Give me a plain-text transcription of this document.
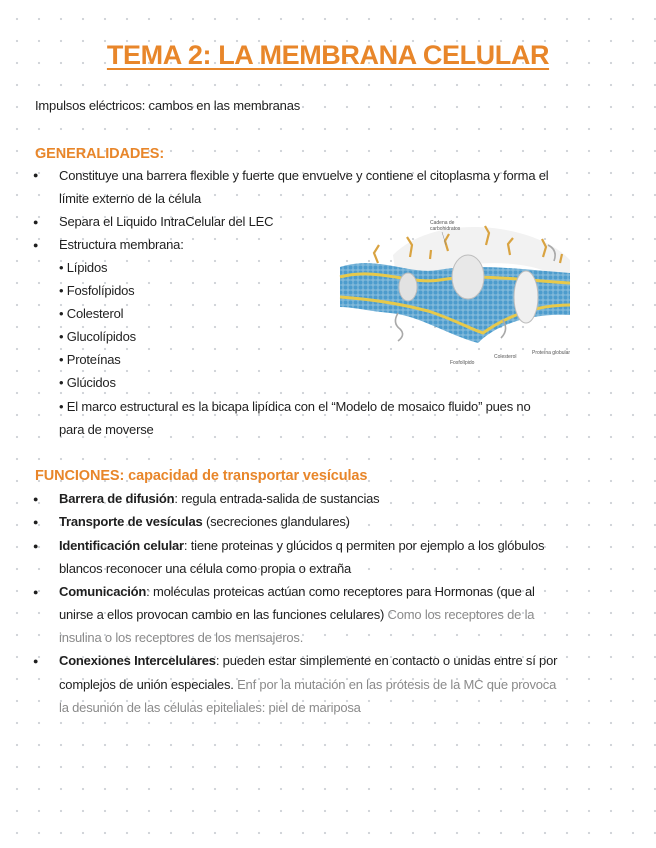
TEMA 2: LA MEMBRANA CELULAR
Impulsos eléctricos: cambos en las membranas
GENERALIDADES:
● Constituye una barrera flexible y fuerte que envuelve y contiene el citoplasma y forma el
límite externo de la célula
● Separa el Liquido IntraCelular del LEC
● Estructura membrana:
• Lípidos
• Fosfolípidos
• Colesterol
• Glucolípidos
• Proteínas
• Glúcidos
• El marco estructural es la bicapa lipídica con el “Modelo de mosaico fluido” pues no
para de moverse
Cadena de
carbohidratos
Fosfolípido
Colesterol
Proteína globular
FUNCIONES: capacidad de transportar vesículas
● Barrera de difusión: regula entrada-salida de sustancias
● Transporte de vesículas (secreciones glandulares)
● Identificación celular: tiene proteinas y glúcidos q permiten por ejemplo a los glóbulos
blancos reconocer una célula como propia o extraña
● Comunicación: moléculas proteicas actúan como receptores para Hormonas (que al
unirse a ellos provocan cambio en las funciones celulares) Como los receptores de la
insulina o los receptores de los mensajeros.
● Conexiones Intercelulares: pueden estar simplemente en contacto o unidas entre sí por
complejos de unión especiales. Enf por la mutación en las prótesis de la MC que provoca
la desunión de las células epiteliales: piel de mariposa
